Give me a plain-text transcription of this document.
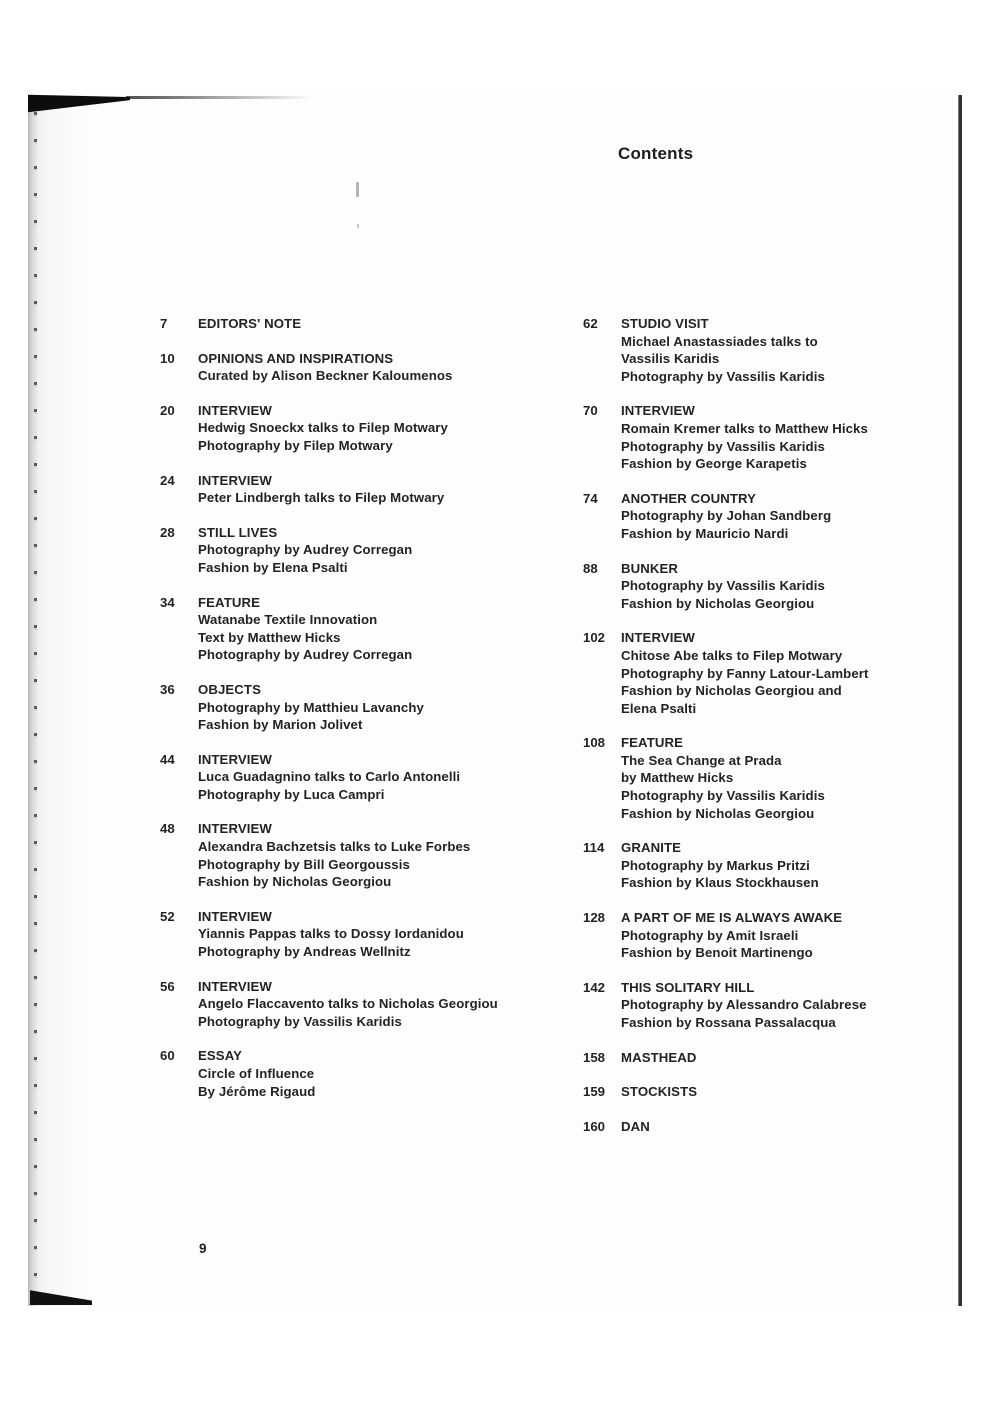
Contents
7	EDITORS' NOTE
10	OPINIONS AND INSPIRATIONS
Curated by Alison Beckner Kaloumenos
20	INTERVIEW
Hedwig Snoeckx talks to Filep Motwary
Photography by Filep Motwary
24	INTERVIEW
Peter Lindbergh talks to Filep Motwary
28	STILL LIVES
Photography by Audrey Corregan
Fashion by Elena Psalti
34	FEATURE
Watanabe Textile Innovation
Text by Matthew Hicks
Photography by Audrey Corregan
36	OBJECTS
Photography by Matthieu Lavanchy
Fashion by Marion Jolivet
44	INTERVIEW
Luca Guadagnino talks to Carlo Antonelli
Photography by Luca Campri
48	INTERVIEW
Alexandra Bachzetsis talks to Luke Forbes
Photography by Bill Georgoussis
Fashion by Nicholas Georgiou
52	INTERVIEW
Yiannis Pappas talks to Dossy Iordanidou
Photography by Andreas Wellnitz
56	INTERVIEW
Angelo Flaccavento talks to Nicholas Georgiou
Photography by Vassilis Karidis
60	ESSAY
Circle of Influence
By Jérôme Rigaud
62	STUDIO VISIT
Michael Anastassiades talks to
Vassilis Karidis
Photography by Vassilis Karidis
70	INTERVIEW
Romain Kremer talks to Matthew Hicks
Photography by Vassilis Karidis
Fashion by George Karapetis
74	ANOTHER COUNTRY
Photography by Johan Sandberg
Fashion by Mauricio Nardi
88	BUNKER
Photography by Vassilis Karidis
Fashion by Nicholas Georgiou
102	INTERVIEW
Chitose Abe talks to Filep Motwary
Photography by Fanny Latour-Lambert
Fashion by Nicholas Georgiou and
Elena Psalti
108	FEATURE
The Sea Change at Prada
by Matthew Hicks
Photography by Vassilis Karidis
Fashion by Nicholas Georgiou
114	GRANITE
Photography by Markus Pritzi
Fashion by Klaus Stockhausen
128	A PART OF ME IS ALWAYS AWAKE
Photography by Amit Israeli
Fashion by Benoit Martinengo
142	THIS SOLITARY HILL
Photography by Alessandro Calabrese
Fashion by Rossana Passalacqua
158	MASTHEAD
159	STOCKISTS
160	DAN
9
